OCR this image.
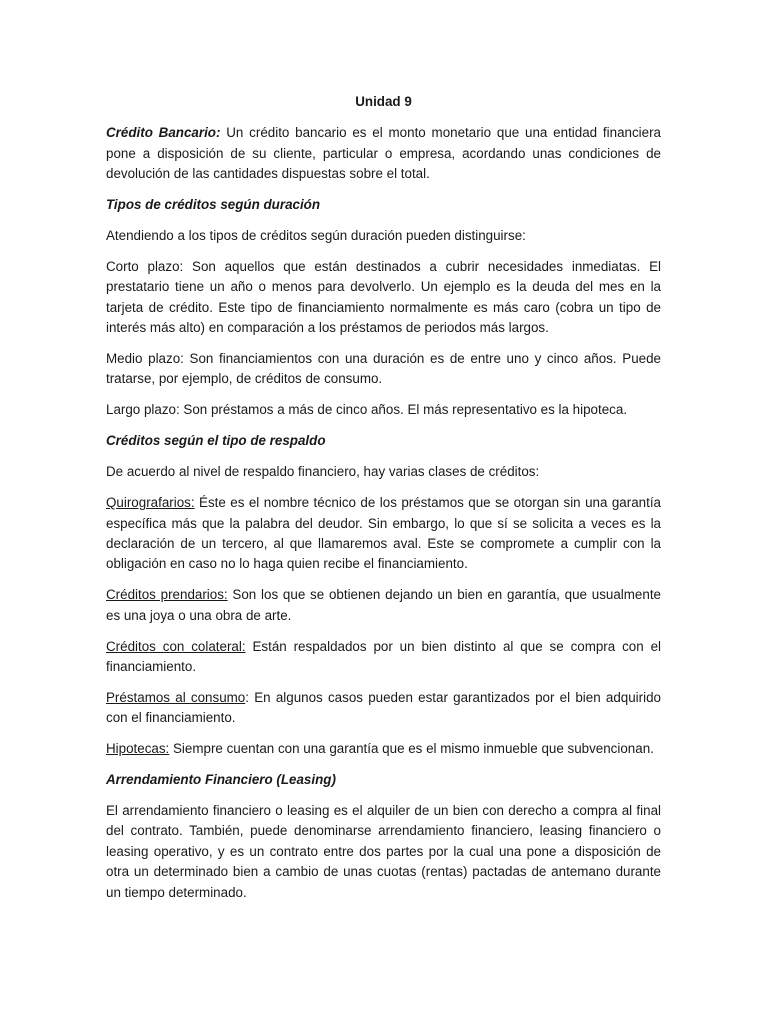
Unidad 9

Crédito Bancario: Un crédito bancario es el monto monetario que una entidad financiera pone a disposición de su cliente, particular o empresa, acordando unas condiciones de devolución de las cantidades dispuestas sobre el total.

Tipos de créditos según duración

Atendiendo a los tipos de créditos según duración pueden distinguirse:

Corto plazo: Son aquellos que están destinados a cubrir necesidades inmediatas. El prestatario tiene un año o menos para devolverlo. Un ejemplo es la deuda del mes en la tarjeta de crédito. Este tipo de financiamiento normalmente es más caro (cobra un tipo de interés más alto) en comparación a los préstamos de periodos más largos.

Medio plazo: Son financiamientos con una duración es de entre uno y cinco años. Puede tratarse, por ejemplo, de créditos de consumo.

Largo plazo: Son préstamos a más de cinco años. El más representativo es la hipoteca.

Créditos según el tipo de respaldo

De acuerdo al nivel de respaldo financiero, hay varias clases de créditos:

Quirografarios: Éste es el nombre técnico de los préstamos que se otorgan sin una garantía específica más que la palabra del deudor. Sin embargo, lo que sí se solicita a veces es la declaración de un tercero, al que llamaremos aval. Este se compromete a cumplir con la obligación en caso no lo haga quien recibe el financiamiento.

Créditos prendarios: Son los que se obtienen dejando un bien en garantía, que usualmente es una joya o una obra de arte.

Créditos con colateral: Están respaldados por un bien distinto al que se compra con el financiamiento.

Préstamos al consumo: En algunos casos pueden estar garantizados por el bien adquirido con el financiamiento.

Hipotecas: Siempre cuentan con una garantía que es el mismo inmueble que subvencionan.

Arrendamiento Financiero (Leasing)

El arrendamiento financiero o leasing es el alquiler de un bien con derecho a compra al final del contrato. También, puede denominarse arrendamiento financiero, leasing financiero o leasing operativo, y es un contrato entre dos partes por la cual una pone a disposición de otra un determinado bien a cambio de unas cuotas (rentas) pactadas de antemano durante un tiempo determinado.
